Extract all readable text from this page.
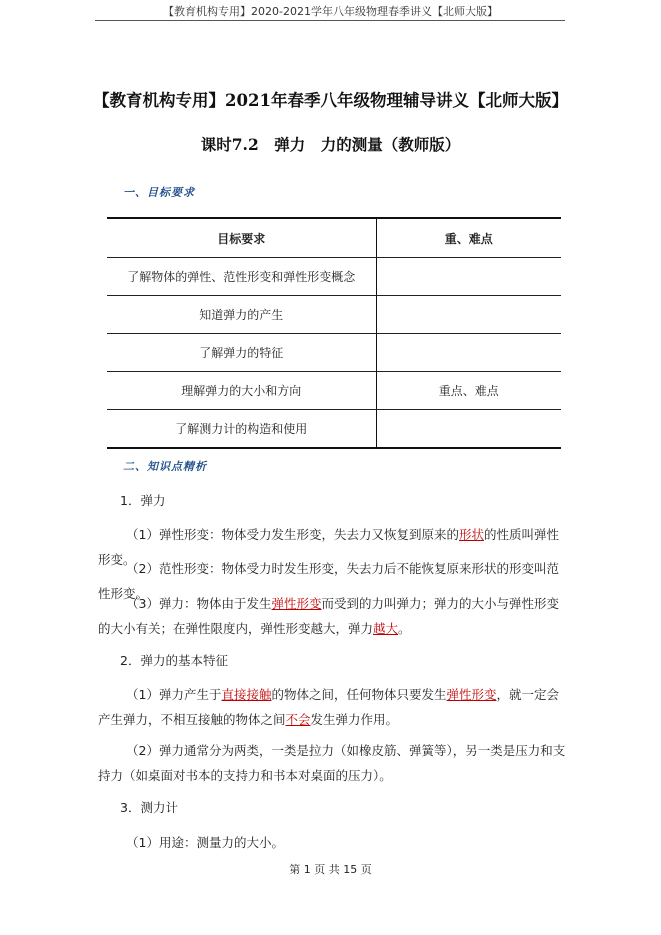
【教育机构专用】2020-2021学年八年级物理春季讲义【北师大版】
【教育机构专用】2021年春季八年级物理辅导讲义【北师大版】
课时7.2　弹力　力的测量（教师版）
一、目标要求
目标要求	重、难点
了解物体的弹性、范性形变和弹性形变概念	
知道弹力的产生	
了解弹力的特征	
理解弹力的大小和方向	重点、难点
了解测力计的构造和使用	
二、知识点精析
1．弹力
（1）弹性形变：物体受力发生形变，失去力又恢复到原来的形状的性质叫弹性形变。
（2）范性形变：物体受力时发生形变，失去力后不能恢复原来形状的形变叫范性形变。
（3）弹力：物体由于发生弹性形变而受到的力叫弹力；弹力的大小与弹性形变的大小有关；在弹性限度内，弹性形变越大，弹力越大。
2．弹力的基本特征
（1）弹力产生于直接接触的物体之间，任何物体只要发生弹性形变，就一定会产生弹力，不相互接触的物体之间不会发生弹力作用。
（2）弹力通常分为两类，一类是拉力（如橡皮筋、弹簧等），另一类是压力和支持力（如桌面对书本的支持力和书本对桌面的压力）。
3．测力计
（1）用途：测量力的大小。
第 1 页 共 15 页
